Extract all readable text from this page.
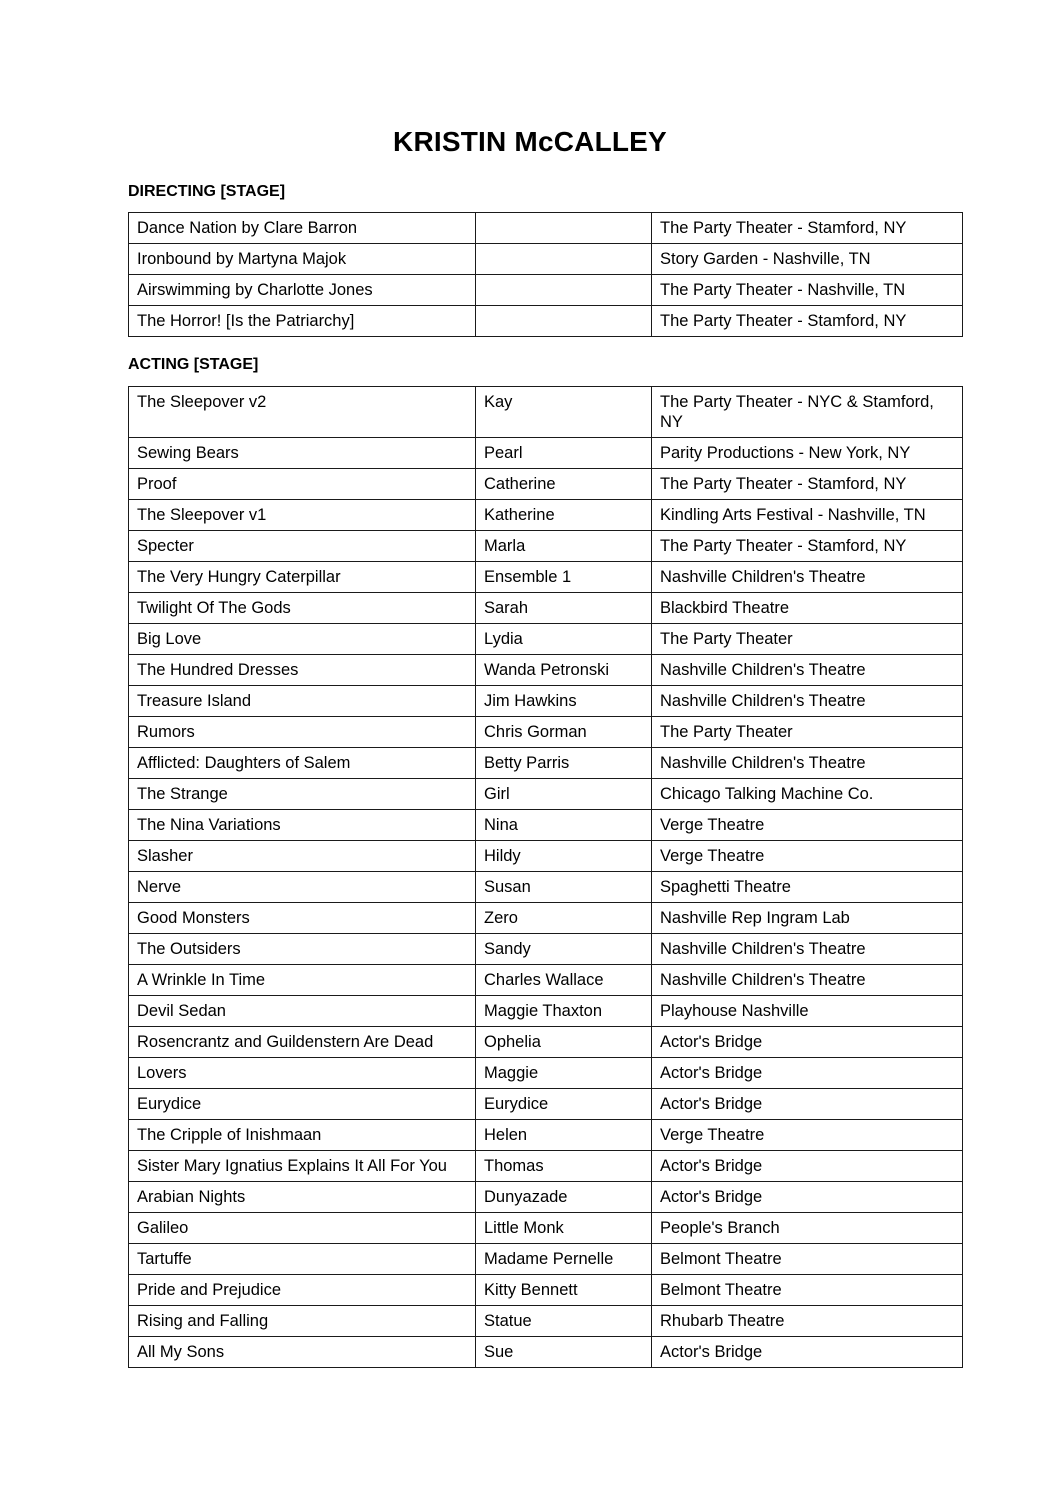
KRISTIN McCALLEY
DIRECTING [STAGE]
Dance Nation by Clare Barron		The Party Theater - Stamford, NY
Ironbound by Martyna Majok		Story Garden - Nashville, TN
Airswimming by Charlotte Jones		The Party Theater - Nashville, TN
The Horror! [Is the Patriarchy]		The Party Theater - Stamford, NY
ACTING [STAGE]
The Sleepover v2	Kay	The Party Theater - NYC & Stamford, NY
Sewing Bears	Pearl	Parity Productions - New York, NY
Proof	Catherine	The Party Theater - Stamford, NY
The Sleepover v1	Katherine	Kindling Arts Festival - Nashville, TN
Specter	Marla	The Party Theater - Stamford, NY
The Very Hungry Caterpillar	Ensemble 1	Nashville Children's Theatre
Twilight Of The Gods	Sarah	Blackbird Theatre
Big Love	Lydia	The Party Theater
The Hundred Dresses	Wanda Petronski	Nashville Children's Theatre
Treasure Island	Jim Hawkins	Nashville Children's Theatre
Rumors	Chris Gorman	The Party Theater
Afflicted: Daughters of Salem	Betty Parris	Nashville Children's Theatre
The Strange	Girl	Chicago Talking Machine Co.
The Nina Variations	Nina	Verge Theatre
Slasher	Hildy	Verge Theatre
Nerve	Susan	Spaghetti Theatre
Good Monsters	Zero	Nashville Rep Ingram Lab
The Outsiders	Sandy	Nashville Children's Theatre
A Wrinkle In Time	Charles Wallace	Nashville Children's Theatre
Devil Sedan	Maggie Thaxton	Playhouse Nashville
Rosencrantz and Guildenstern Are Dead	Ophelia	Actor's Bridge
Lovers	Maggie	Actor's Bridge
Eurydice	Eurydice	Actor's Bridge
The Cripple of Inishmaan	Helen	Verge Theatre
Sister Mary Ignatius Explains It All For You	Thomas	Actor's Bridge
Arabian Nights	Dunyazade	Actor's Bridge
Galileo	Little Monk	People's Branch
Tartuffe	Madame Pernelle	Belmont Theatre
Pride and Prejudice	Kitty Bennett	Belmont Theatre
Rising and Falling	Statue	Rhubarb Theatre
All My Sons	Sue	Actor's Bridge
